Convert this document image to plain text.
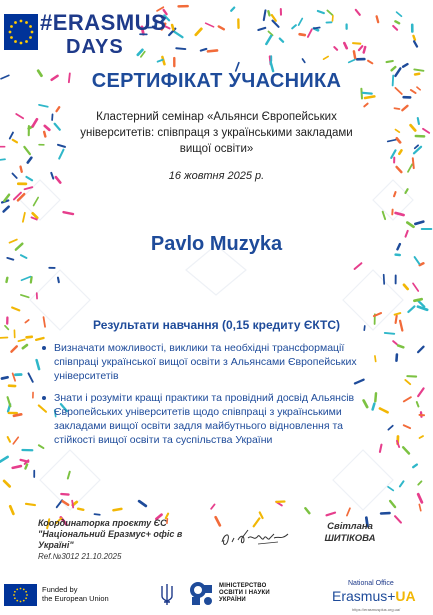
#ERASMUS
DAYS
СЕРТИФІКАТ УЧАСНИКА
Кластерний семінар «Альянси Європейських університетів: співпраця з українськими закладами вищої освіти»
16 жовтня 2025 р.
Pavlo Muzyka
Результати навчання (0,15 кредиту ЄКТС)
Визначати можливості, виклики та необхідні трансформації співпраці української вищої освіти з Альянсами Європейських університетів
Знати і розуміти кращі практики та провідний досвід Альянсів Європейських університетів щодо співпраці з українськими закладами вищої освіти задля майбутнього відновлення та стійкості вищої освіти та суспільства України
Координаторка проєкту ЄС
"Національний Еразмус+ офіс в
Україні"
Ref.№3012 21.10.2025
Світлана
ШИТІКОВА
Funded by
the European Union
МІНІСТЕРСТВО
ОСВІТИ І НАУКИ
УКРАЇНИ
National Office
Erasmus+UA
https://erasmusplus.org.ua/
